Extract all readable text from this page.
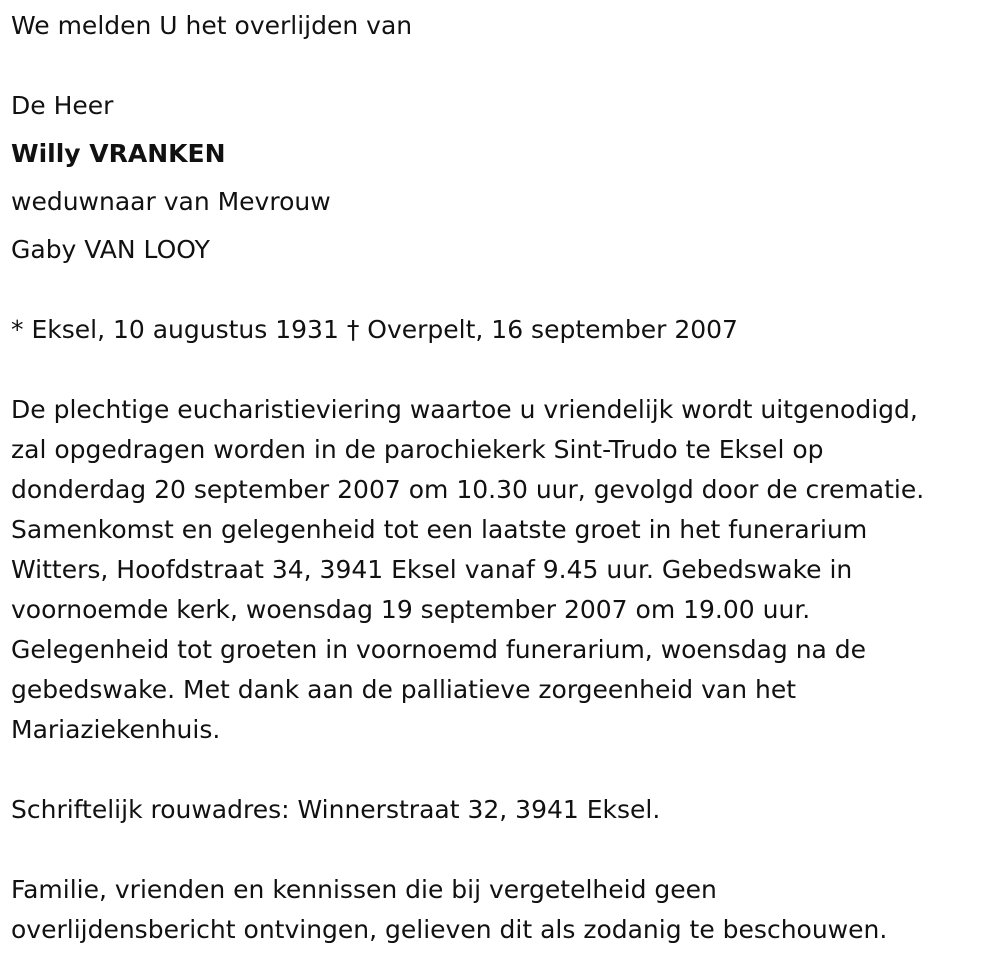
We melden U het overlijden van
De Heer
Willy VRANKEN
weduwnaar van Mevrouw
Gaby VAN LOOY
* Eksel, 10 augustus 1931 † Overpelt, 16 september 2007
De plechtige eucharistieviering waartoe u vriendelijk wordt uitgenodigd,
zal opgedragen worden in de parochiekerk Sint-Trudo te Eksel op
donderdag 20 september 2007 om 10.30 uur, gevolgd door de crematie.
Samenkomst en gelegenheid tot een laatste groet in het funerarium
Witters, Hoofdstraat 34, 3941 Eksel vanaf 9.45 uur. Gebedswake in
voornoemde kerk, woensdag 19 september 2007 om 19.00 uur.
Gelegenheid tot groeten in voornoemd funerarium, woensdag na de
gebedswake. Met dank aan de palliatieve zorgeenheid van het
Mariaziekenhuis.
Schriftelijk rouwadres: Winnerstraat 32, 3941 Eksel.
Familie, vrienden en kennissen die bij vergetelheid geen
overlijdensbericht ontvingen, gelieven dit als zodanig te beschouwen.
